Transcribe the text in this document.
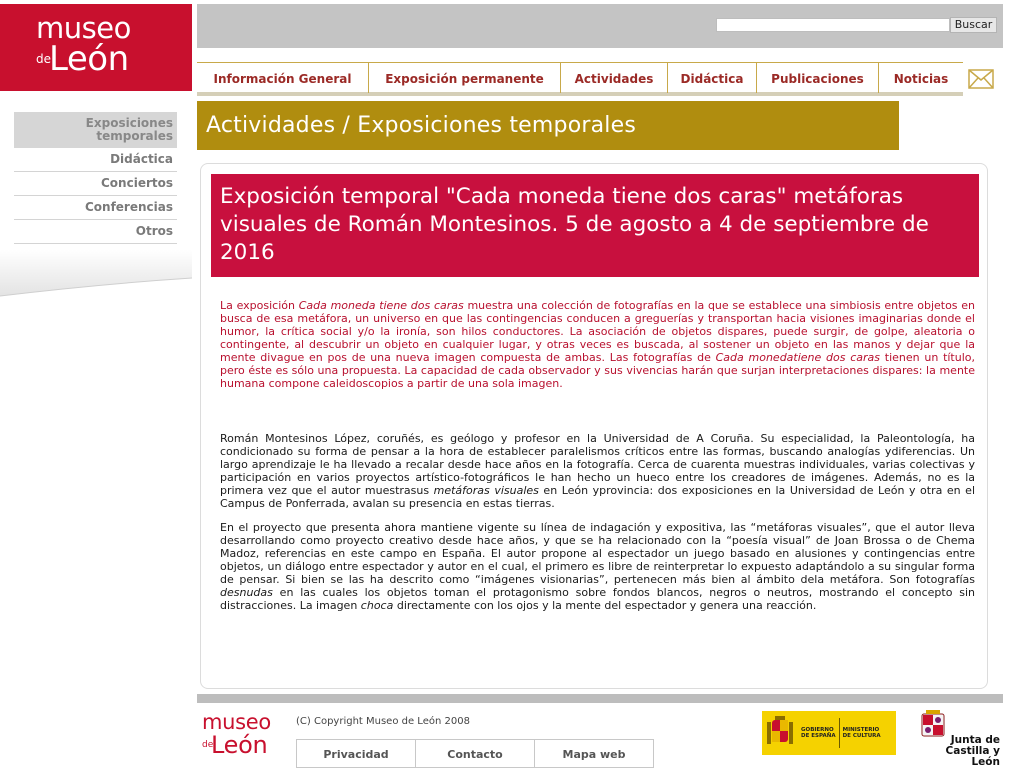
museo
de
León
Exposiciones temporales
Didáctica
Conciertos
Conferencias
Otros
Buscar
Información General	Exposición permanente	Actividades	Didáctica	Publicaciones	Noticias
Actividades / Exposiciones temporales
Exposición temporal "Cada moneda tiene dos caras" metáforas visuales de Román Montesinos. 5 de agosto a 4 de septiembre de 2016

La exposición Cada moneda tiene dos caras muestra una colección de fotografías en la que se establece una simbiosis entre objetos en busca de esa metáfora, un universo en que las contingencias conducen a greguerías y transportan hacia visiones imaginarias donde el humor, la crítica social y/o la ironía, son hilos conductores. La asociación de objetos dispares, puede surgir, de golpe, aleatoria o contingente, al descubrir un objeto en cualquier lugar, y otras veces es buscada, al sostener un objeto en las manos y dejar que la mente divague en pos de una nueva imagen compuesta de ambas. Las fotografías de Cada monedatiene dos caras tienen un título, pero éste es sólo una propuesta. La capacidad de cada observador y sus vivencias harán que surjan interpretaciones dispares: la mente humana compone caleidoscopios a partir de una sola imagen.

Román Montesinos López, coruñés, es geólogo y profesor en la Universidad de A Coruña. Su especialidad, la Paleontología, ha condicionado su forma de pensar a la hora de establecer paralelismos críticos entre las formas, buscando analogías ydiferencias. Un largo aprendizaje le ha llevado a recalar desde hace años en la fotografía. Cerca de cuarenta muestras individuales, varias colectivas y participación en varios proyectos artístico-fotográficos le han hecho un hueco entre los creadores de imágenes. Además, no es la primera vez que el autor muestrasus metáforas visuales en León yprovincia: dos exposiciones en la Universidad de León y otra en el Campus de Ponferrada, avalan su presencia en estas tierras.

En el proyecto que presenta ahora mantiene vigente su línea de indagación y expositiva, las “metáforas visuales”, que el autor lleva desarrollando como proyecto creativo desde hace años, y que se ha relacionado con la “poesía visual” de Joan Brossa o de Chema Madoz, referencias en este campo en España. El autor propone al espectador un juego basado en alusiones y contingencias entre objetos, un diálogo entre espectador y autor en el cual, el primero es libre de reinterpretar lo expuesto adaptándolo a su singular forma de pensar. Si bien se las ha descrito como “imágenes visionarias”, pertenecen más bien al ámbito dela metáfora. Son fotografías desnudas en las cuales los objetos toman el protagonismo sobre fondos blancos, negros o neutros, mostrando el concepto sin distracciones. La imagen choca directamente con los ojos y la mente del espectador y genera una reacción.

museo
de
León
(C) Copyright Museo de León 2008
Privacidad	Contacto	Mapa web
GOBIERNO
DE ESPAÑA
MINISTERIO
DE CULTURA	Junta de
Castilla y León
